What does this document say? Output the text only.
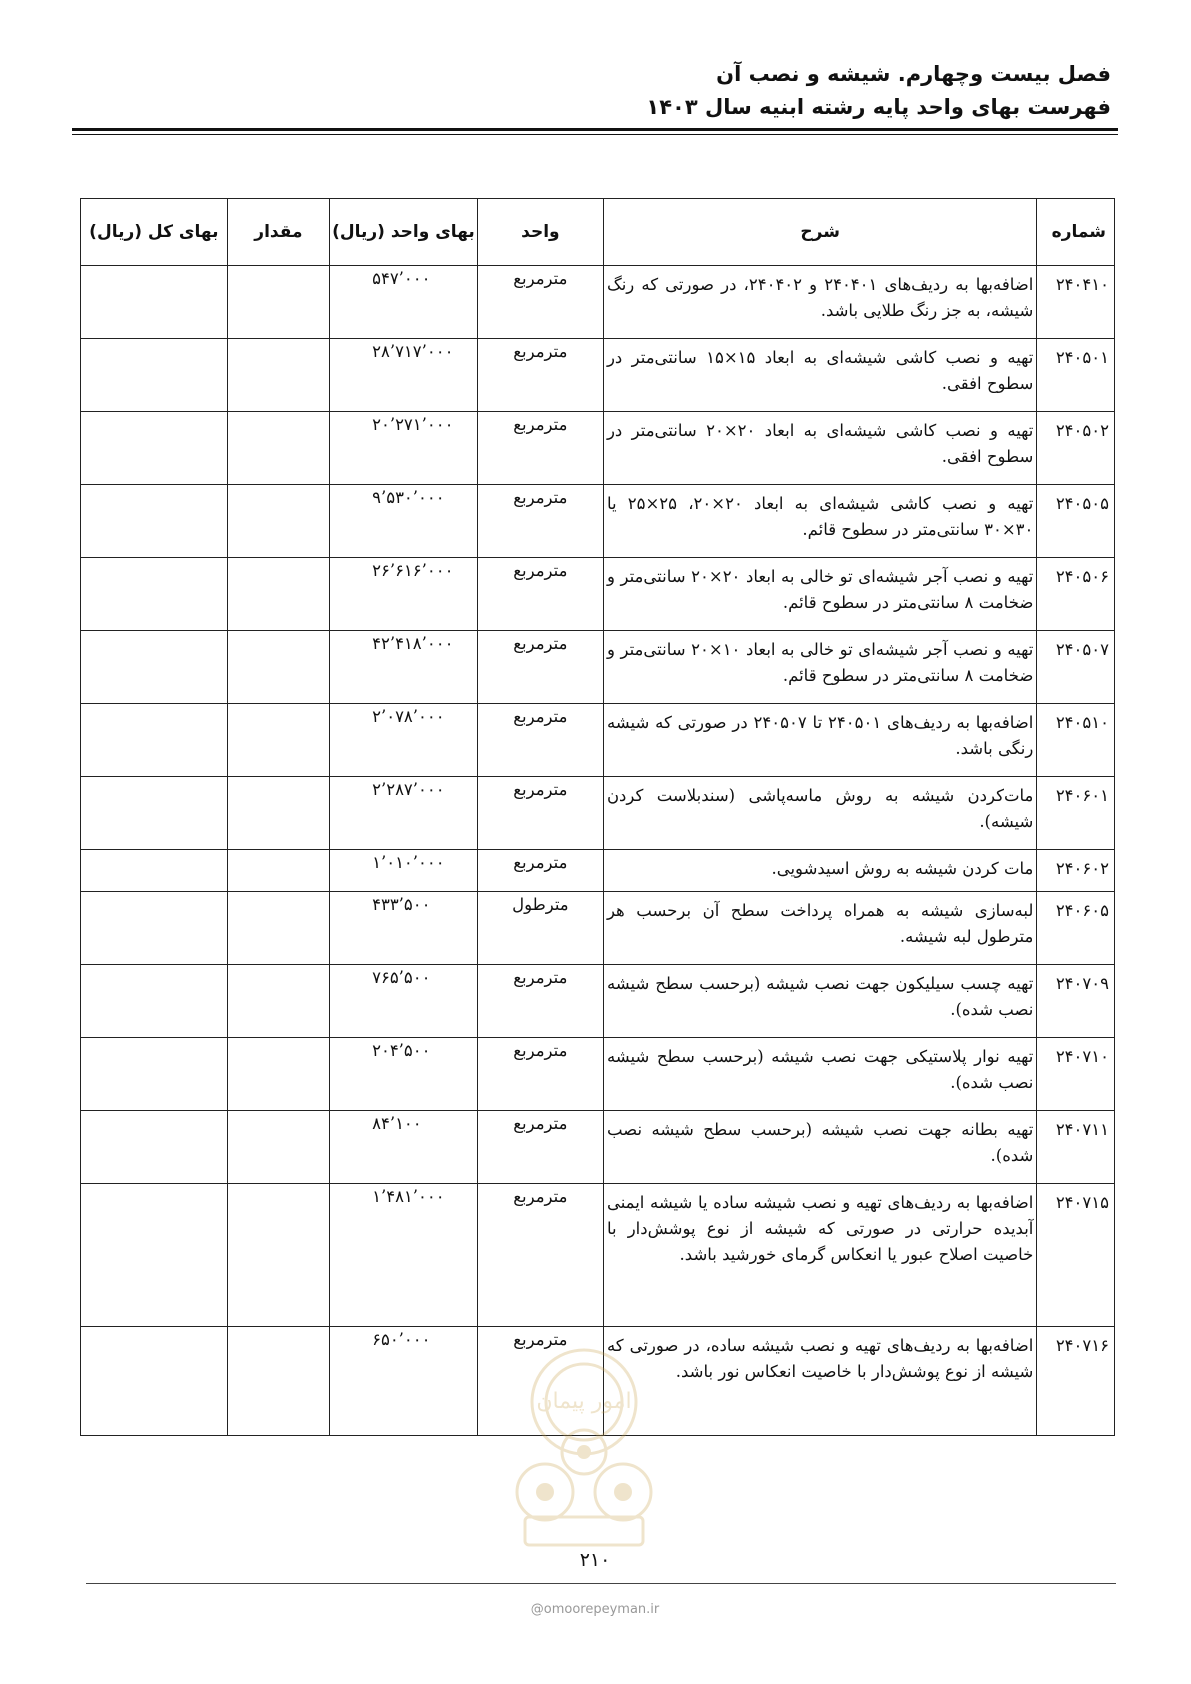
فصل بیست وچهارم. شیشه و نصب آن
فهرست بهای واحد پایه رشته ابنیه سال ۱۴۰۳
شماره	شرح	واحد	بهای واحد (ریال)	مقدار	بهای کل (ریال)
۲۴۰۴۱۰	اضافه‌بها به ردیف‌های ۲۴۰۴۰۱ و ۲۴۰۴۰۲، در صورتی که رنگ شیشه، به جز رنگ طلایی باشد.	مترمربع	۵۴۷’۰۰۰		
۲۴۰۵۰۱	تهیه و نصب کاشی شیشه‌ای به ابعاد ۱۵×۱۵ سانتی‌متر در سطوح افقی.	مترمربع	۲۸’۷۱۷’۰۰۰		
۲۴۰۵۰۲	تهیه و نصب کاشی شیشه‌ای به ابعاد ۲۰×۲۰ سانتی‌متر در سطوح افقی.	مترمربع	۲۰’۲۷۱’۰۰۰		
۲۴۰۵۰۵	تهیه و نصب کاشی شیشه‌ای به ابعاد ۲۰×۲۰، ۲۵×۲۵ یا ۳۰×۳۰ سانتی‌متر در سطوح قائم.	مترمربع	۹’۵۳۰’۰۰۰		
۲۴۰۵۰۶	تهیه و نصب آجر شیشه‌ای تو خالی به ابعاد ۲۰×۲۰ سانتی‌متر و ضخامت ۸ سانتی‌متر در سطوح قائم.	مترمربع	۲۶’۶۱۶’۰۰۰		
۲۴۰۵۰۷	تهیه و نصب آجر شیشه‌ای تو خالی به ابعاد ۱۰×۲۰ سانتی‌متر و ضخامت ۸ سانتی‌متر در سطوح قائم.	مترمربع	۴۲’۴۱۸’۰۰۰		
۲۴۰۵۱۰	اضافه‌بها به ردیف‌های ۲۴۰۵۰۱ تا ۲۴۰۵۰۷ در صورتی که شیشه رنگی باشد.	مترمربع	۲’۰۷۸’۰۰۰		
۲۴۰۶۰۱	مات‌کردن شیشه به روش ماسه‌پاشی (سندبلاست کردن شیشه).	مترمربع	۲’۲۸۷’۰۰۰		
۲۴۰۶۰۲	مات کردن شیشه به روش اسیدشویی.	مترمربع	۱’۰۱۰’۰۰۰		
۲۴۰۶۰۵	لبه‌سازی شیشه به همراه پرداخت سطح آن برحسب هر مترطول لبه شیشه.	مترطول	۴۳۳’۵۰۰		
۲۴۰۷۰۹	تهیه چسب سیلیکون جهت نصب شیشه (برحسب سطح شیشه نصب شده).	مترمربع	۷۶۵’۵۰۰		
۲۴۰۷۱۰	تهیه نوار پلاستیکی جهت نصب شیشه (برحسب سطح شیشه نصب شده).	مترمربع	۲۰۴’۵۰۰		
۲۴۰۷۱۱	تهیه بطانه جهت نصب شیشه (برحسب سطح شیشه نصب شده).	مترمربع	۸۴’۱۰۰		
۲۴۰۷۱۵	اضافه‌بها به ردیف‌های تهیه و نصب شیشه ساده یا شیشه ایمنی آبدیده حرارتی در صورتی که شیشه از نوع پوشش‌دار با خاصیت اصلاح عبور یا انعکاس گرمای خورشید باشد.	مترمربع	۱’۴۸۱’۰۰۰		
۲۴۰۷۱۶	اضافه‌بها به ردیف‌های تهیه و نصب شیشه ساده، در صورتی که شیشه از نوع پوشش‌دار با خاصیت انعکاس نور باشد.	مترمربع	۶۵۰’۰۰۰		
امور پیمان
۲۱۰
@omoorepeyman.ir
